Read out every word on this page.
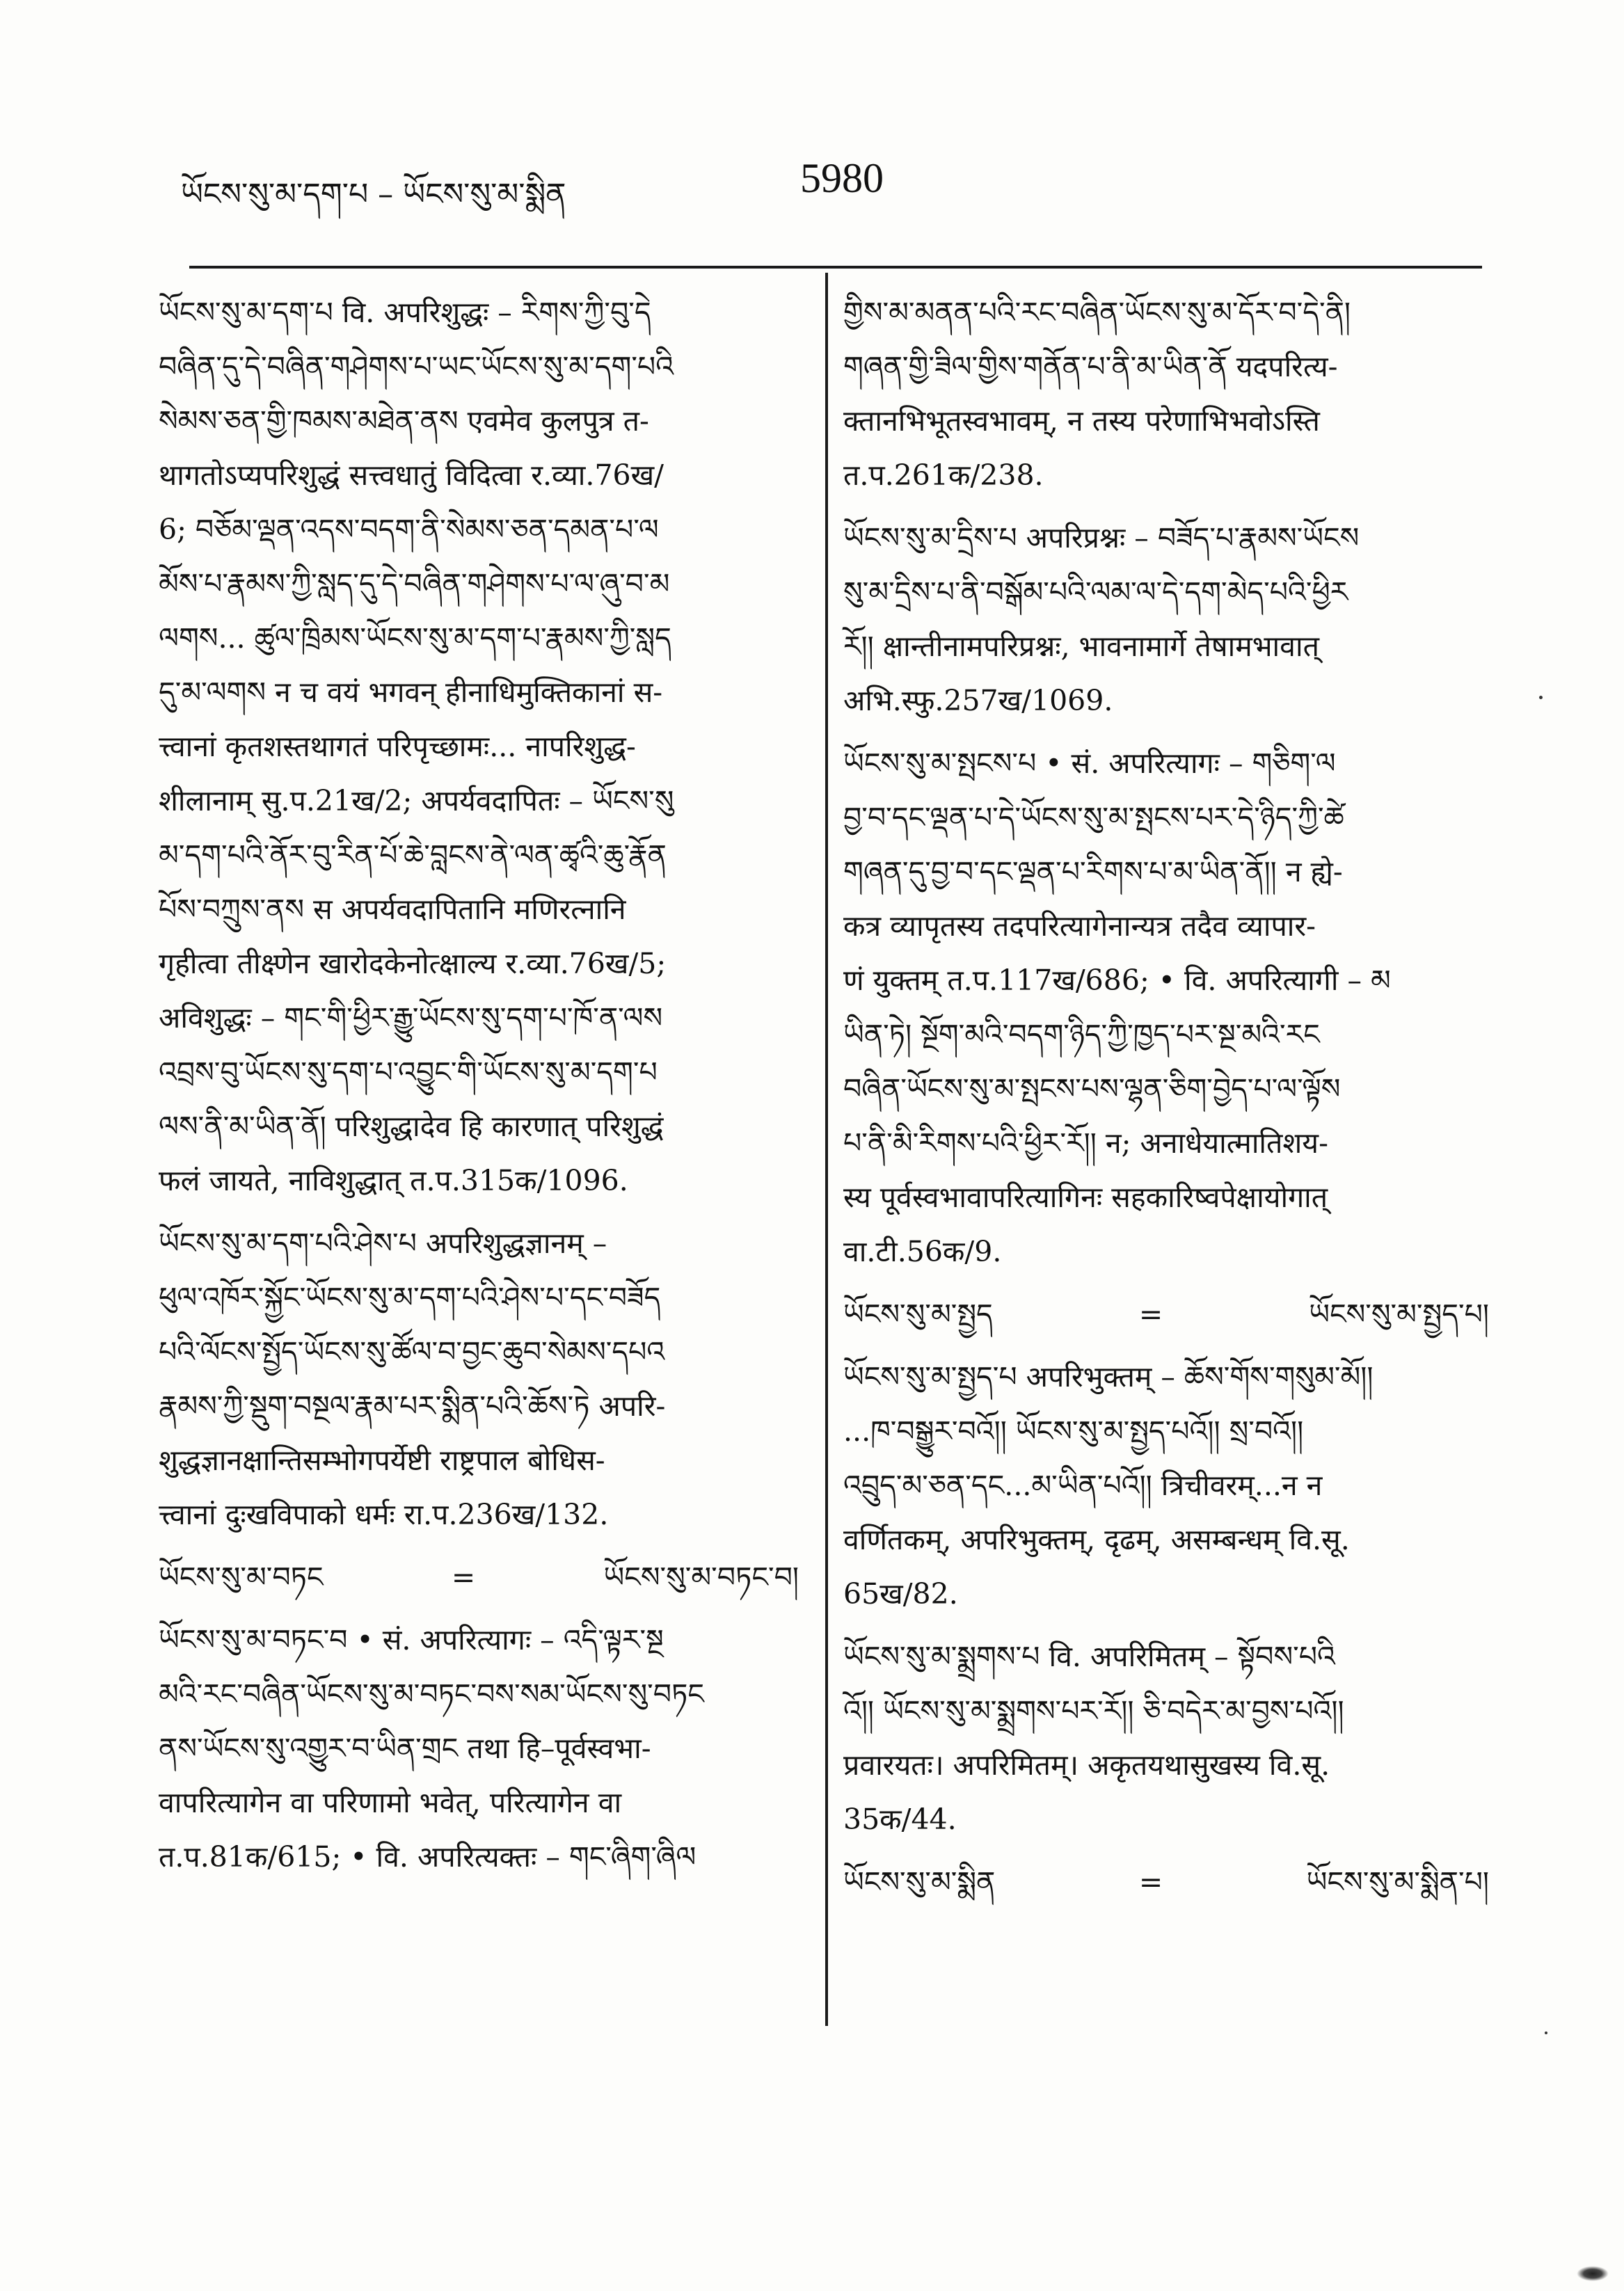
ཡོངས་སུ་མ་དག་པ – ཡོངས་སུ་མ་སྨིན	5980

ཡོངས་སུ་མ་དག་པ वि. अपरिशुद्धः – རིགས་ཀྱི་བུ་དེ

བཞིན་དུ་དེ་བཞིན་གཤེགས་པ་ཡང་ཡོངས་སུ་མ་དག་པའི

སེམས་ཅན་གྱི་ཁམས་མཐེན་ནས एवमेव कुलपुत्र त-

थागतोऽप्यपरिशुद्धं सत्त्वधातुं विदित्वा र.व्या.76ख/

6; བཅོམ་ལྡན་འདས་བདག་ནི་སེམས་ཅན་དམན་པ་ལ

མོས་པ་རྣམས་ཀྱི་སླད་དུ་དེ་བཞིན་གཤེགས་པ་ལ་ཞུ་བ་མ

ལགས... ཚུལ་ཁྲིམས་ཡོངས་སུ་མ་དག་པ་རྣམས་ཀྱི་སླད

དུ་མ་ལགས न च वयं भगवन् हीनाधिमुक्तिकानां स-

त्त्वानां कृतशस्तथागतं परिपृच्छामः... नापरिशुद्ध-

शीलानाम् सु.प.21ख/2; अपर्यवदापितः – ཡོངས་སུ

མ་དག་པའི་ནོར་བུ་རིན་པོ་ཆེ་བླངས་ནེ་ལན་ཚྭའི་ཆུ་རྣོན

པོས་བཀྲུས་ནས स अपर्यवदापितानि मणिरत्नानि

गृहीत्वा तीक्ष्णेन खारोदकेनोत्क्षाल्य र.व्या.76ख/5;

अविशुद्धः – གང་གི་ཕྱིར་རྒྱུ་ཡོངས་སུ་དག་པ་ཁོ་ན་ལས

འབྲས་བུ་ཡོངས་སུ་དག་པ་འབྱུང་གི་ཡོངས་སུ་མ་དག་པ

ལས་ནི་མ་ཡིན་ནོ། परिशुद्धादेव हि कारणात् परिशुद्धं

फलं जायते, नाविशुद्धात् त.प.315क/1096.

ཡོངས་སུ་མ་དག་པའི་ཤེས་པ अपरिशुद्धज्ञानम् –

ཕུལ་འཁོར་སྐྱོང་ཡོངས་སུ་མ་དག་པའི་ཤེས་པ་དང་བཟོད

པའི་ལོངས་སྤྱོད་ཡོངས་སུ་ཚོལ་བ་བྱང་ཆུབ་སེམས་དཔའ

རྣམས་ཀྱི་སྡུག་བསྔལ་རྣམ་པར་སྨིན་པའི་ཆོས་ཏེ अपरि-

शुद्धज्ञानक्षान्तिसम्भोगपर्येष्टी राष्ट्रपाल बोधिस-

त्त्वानां दुःखविपाको धर्मः रा.प.236ख/132.

ཡོངས་སུ་མ་བཏང	=	ཡོངས་སུ་མ་བཏང་བ།

ཡོངས་སུ་མ་བཏང་བ • सं. अपरित्यागः – འདི་ལྟར་སྔ

མའི་རང་བཞིན་ཡོངས་སུ་མ་བཏང་བས་སམ་ཡོངས་སུ་བཏང

ནས་ཡོངས་སུ་འགྱུར་བ་ཡིན་གྲང तथा हि–पूर्वस्वभा-

वापरित्यागेन वा परिणामो भवेत्, परित्यागेन वा

त.प.81क/615; • वि. अपरित्यक्तः – གང་ཞིག་ཞིལ

གྱིས་མ་མནན་པའི་རང་བཞིན་ཡོངས་སུ་མ་དོར་བ་དེ་ནི།

གཞན་གྱི་ཟིལ་གྱིས་གནོན་པ་ནི་མ་ཡིན་ནོ यदपरित्य-

क्तानभिभूतस्वभावम्, न तस्य परेणाभिभवोऽस्ति

त.प.261क/238.

ཡོངས་སུ་མ་དྲིས་པ अपरिप्रश्नः – བཟོད་པ་རྣམས་ཡོངས

སུ་མ་དྲིས་པ་ནི་བསྒོམ་པའི་ལམ་ལ་དེ་དག་མེད་པའི་ཕྱིར

རོ།། क्षान्तीनामपरिप्रश्नः, भावनामार्गे तेषामभावात्

अभि.स्फु.257ख/1069.

ཡོངས་སུ་མ་སྤངས་པ • सं. अपरित्यागः – གཅིག་ལ

བྱ་བ་དང་ལྡན་པ་དེ་ཡོངས་སུ་མ་སྤངས་པར་དེ་ཉིད་ཀྱི་ཚེ

གཞན་དུ་བྱ་བ་དང་ལྡན་པ་རིགས་པ་མ་ཡིན་ནོ།། न ह्ये-

कत्र व्यापृतस्य तदपरित्यागेनान्यत्र तदैव व्यापार-

णं युक्तम् त.प.117ख/686; • वि. अपरित्यागी – མ

ཡིན་ཏེ། སྔོག་མའི་བདག་ཉིད་ཀྱི་ཁྱད་པར་སྔ་མའི་རང

བཞིན་ཡོངས་སུ་མ་སྤངས་པས་ལྷན་ཅིག་བྱེད་པ་ལ་ལྟོས

པ་ནི་མི་རིགས་པའི་ཕྱིར་རོ།། न; अनाधेयात्मातिशय-

स्य पूर्वस्वभावापरित्यागिनः सहकारिष्वपेक्षायोगात्

वा.टी.56क/9.

ཡོངས་སུ་མ་སྤྱད	=	ཡོངས་སུ་མ་སྤྱད་པ།

ཡོངས་སུ་མ་སྤྱད་པ अपरिभुक्तम् – ཆོས་གོས་གསུམ་མོ།།

...ཁ་བསྒྱུར་བའོ།། ཡོངས་སུ་མ་སྤྱད་པའོ།། སྲ་བའོ།།

འབྲུད་མ་ཅན་དང...མ་ཡིན་པའོ།། त्रिचीवरम्...न न

वर्णितकम्, अपरिभुक्तम्, दृढम्, असम्बन्धम् वि.सू.

65ख/82.

ཡོངས་སུ་མ་སྨྲགས་པ वि. अपरिमितम् – སྟོབས་པའི

འོ།། ཡོངས་སུ་མ་སྨྲགས་པར་རོ།། ཅི་བདེར་མ་བྱས་པའོ།།

प्रवारयतः। अपरिमितम्। अकृतयथासुखस्य वि.सू.

35क/44.

ཡོངས་སུ་མ་སྨིན	=	ཡོངས་སུ་མ་སྨིན་པ།
